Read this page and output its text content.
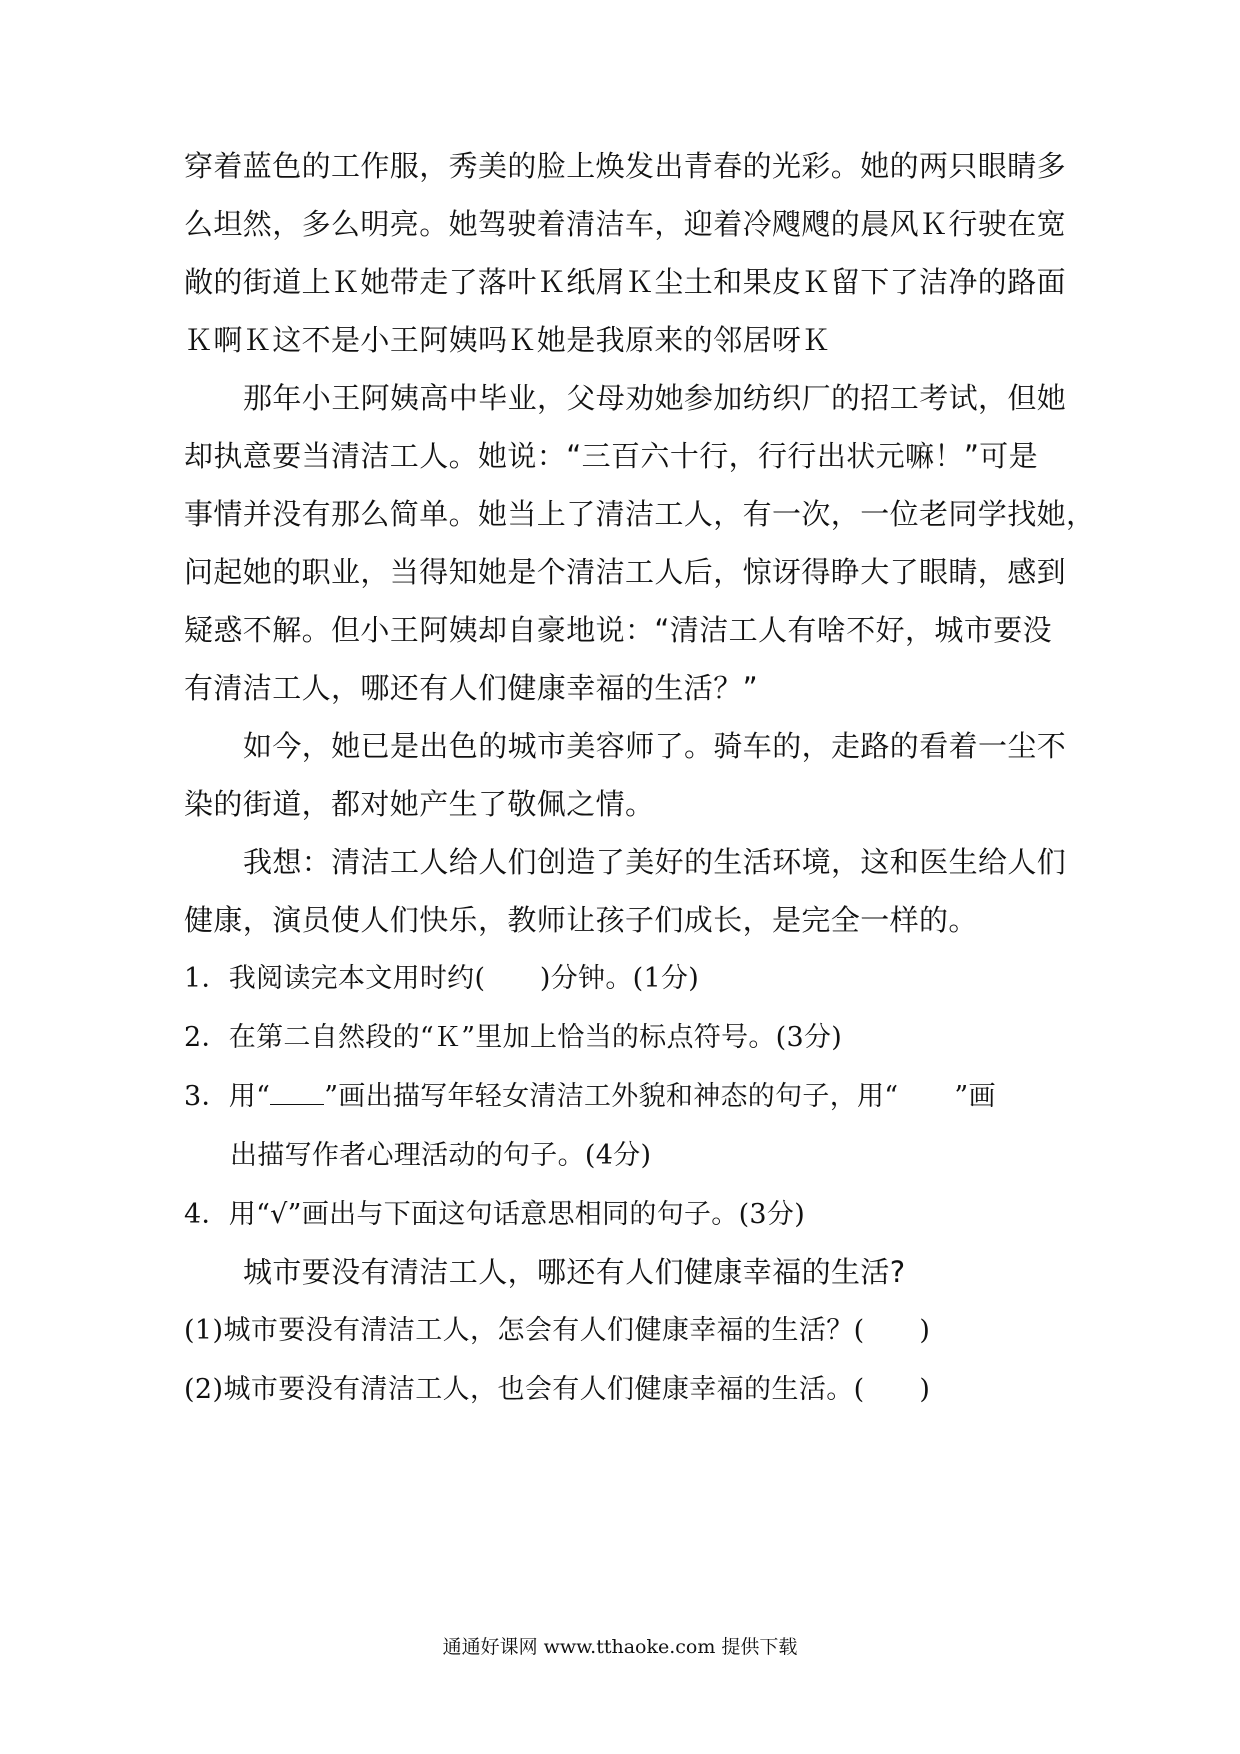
穿着蓝色的工作服，秀美的脸上焕发出青春的光彩。她的两只眼睛多
么坦然，多么明亮。她驾驶着清洁车，迎着冷飕飕的晨风Ｋ行驶在宽
敞的街道上Ｋ她带走了落叶Ｋ纸屑Ｋ尘土和果皮Ｋ留下了洁净的路面
Ｋ啊Ｋ这不是小王阿姨吗Ｋ她是我原来的邻居呀Ｋ
那年小王阿姨高中毕业，父母劝她参加纺织厂的招工考试，但她
却执意要当清洁工人。她说：“三百六十行，行行出状元嘛！”可是
事情并没有那么简单。她当上了清洁工人，有一次，一位老同学找她，
问起她的职业，当得知她是个清洁工人后，惊讶得睁大了眼睛，感到
疑惑不解。但小王阿姨却自豪地说：“清洁工人有啥不好，城市要没
有清洁工人，哪还有人们健康幸福的生活？”
如今，她已是出色的城市美容师了。骑车的，走路的看着一尘不
染的街道，都对她产生了敬佩之情。
我想：清洁工人给人们创造了美好的生活环境，这和医生给人们
健康，演员使人们快乐，教师让孩子们成长，是完全一样的。
1．我阅读完本文用时约(　　)分钟。(1分)
2．在第二自然段的“Ｋ”里加上恰当的标点符号。(3分)
3．用“ ”画出描写年轻女清洁工外貌和神态的句子，用“ ”画
出描写作者心理活动的句子。(4分)
4．用“√”画出与下面这句话意思相同的句子。(3分)
城市要没有清洁工人，哪还有人们健康幸福的生活?
(1)城市要没有清洁工人，怎会有人们健康幸福的生活？(　　)
(2)城市要没有清洁工人，也会有人们健康幸福的生活。(　　)
通通好课网 www.tthaoke.com 提供下载
